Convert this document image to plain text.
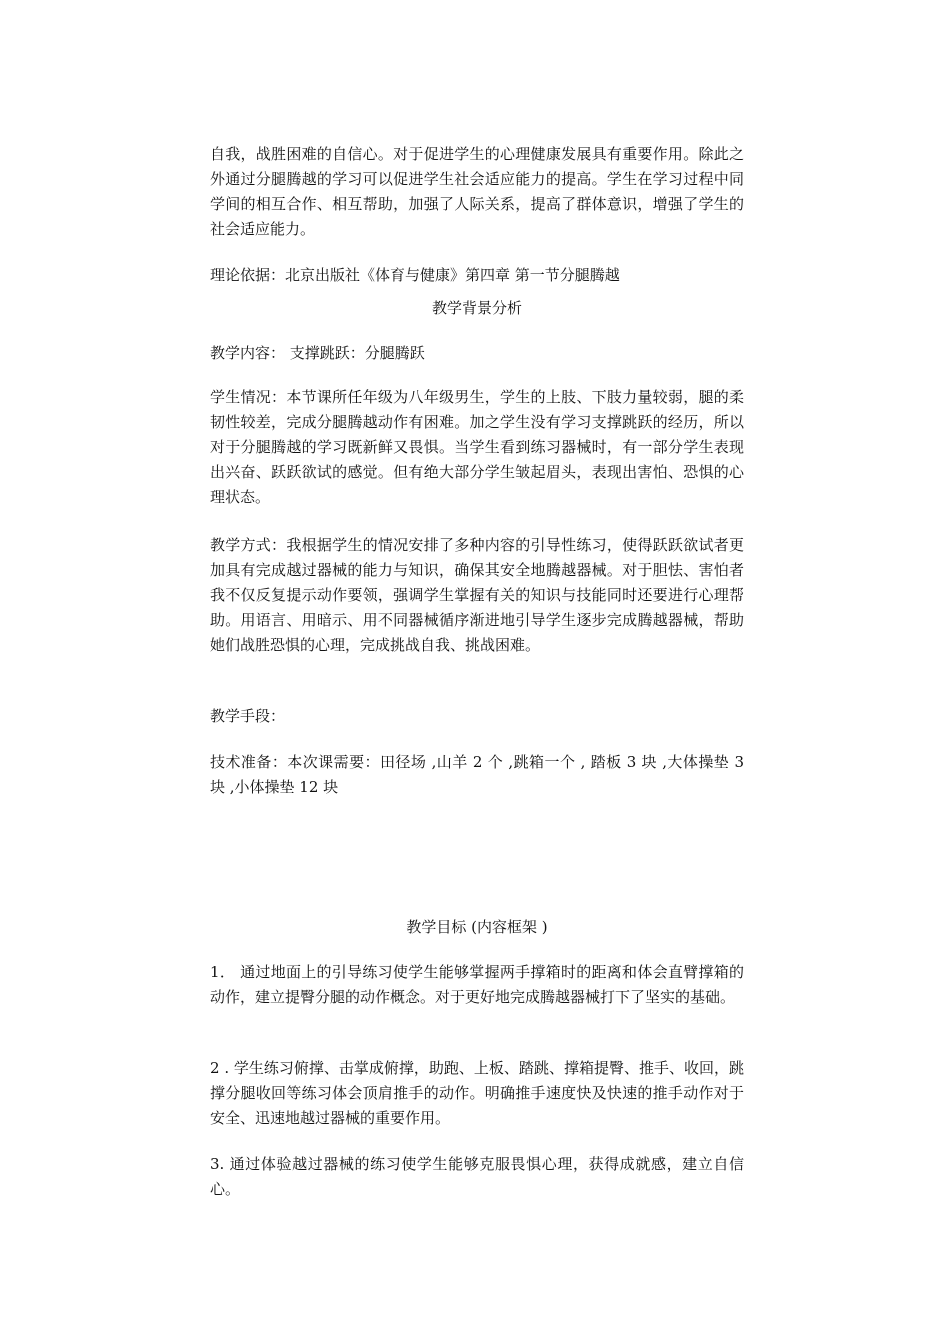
自我，战胜困难的自信心。对于促进学生的心理健康发展具有重要作用。除此之外通过分腿腾越的学习可以促进学生社会适应能力的提高。学生在学习过程中同学间的相互合作、相互帮助，加强了人际关系，提高了群体意识，增强了学生的社会适应能力。

理论依据：北京出版社《体育与健康》第四章 第一节分腿腾越

教学背景分析

教学内容： 支撑跳跃：分腿腾跃

学生情况：本节课所任年级为八年级男生，学生的上肢、下肢力量较弱，腿的柔韧性较差，完成分腿腾越动作有困难。加之学生没有学习支撑跳跃的经历，所以对于分腿腾越的学习既新鲜又畏惧。当学生看到练习器械时，有一部分学生表现出兴奋、跃跃欲试的感觉。但有绝大部分学生皱起眉头，表现出害怕、恐惧的心理状态。

教学方式：我根据学生的情况安排了多种内容的引导性练习，使得跃跃欲试者更加具有完成越过器械的能力与知识，确保其安全地腾越器械。对于胆怯、害怕者我不仅反复提示动作要领，强调学生掌握有关的知识与技能同时还要进行心理帮助。用语言、用暗示、用不同器械循序渐进地引导学生逐步完成腾越器械，帮助她们战胜恐惧的心理，完成挑战自我、挑战困难。

教学手段：

技术准备：本次课需要：田径场 ,山羊 2 个 ,跳箱一个 , 踏板 3 块 ,大体操垫 3 块 ,小体操垫 12 块

教学目标 (内容框架 )

1． 通过地面上的引导练习使学生能够掌握两手撑箱时的距离和体会直臂撑箱的动作，建立提臀分腿的动作概念。对于更好地完成腾越器械打下了坚实的基础。

2 . 学生练习俯撑、击掌成俯撑，助跑、上板、踏跳、撑箱提臀、推手、收回，跳撑分腿收回等练习体会顶肩推手的动作。明确推手速度快及快速的推手动作对于安全、迅速地越过器械的重要作用。

3. 通过体验越过器械的练习使学生能够克服畏惧心理，获得成就感，建立自信心。
